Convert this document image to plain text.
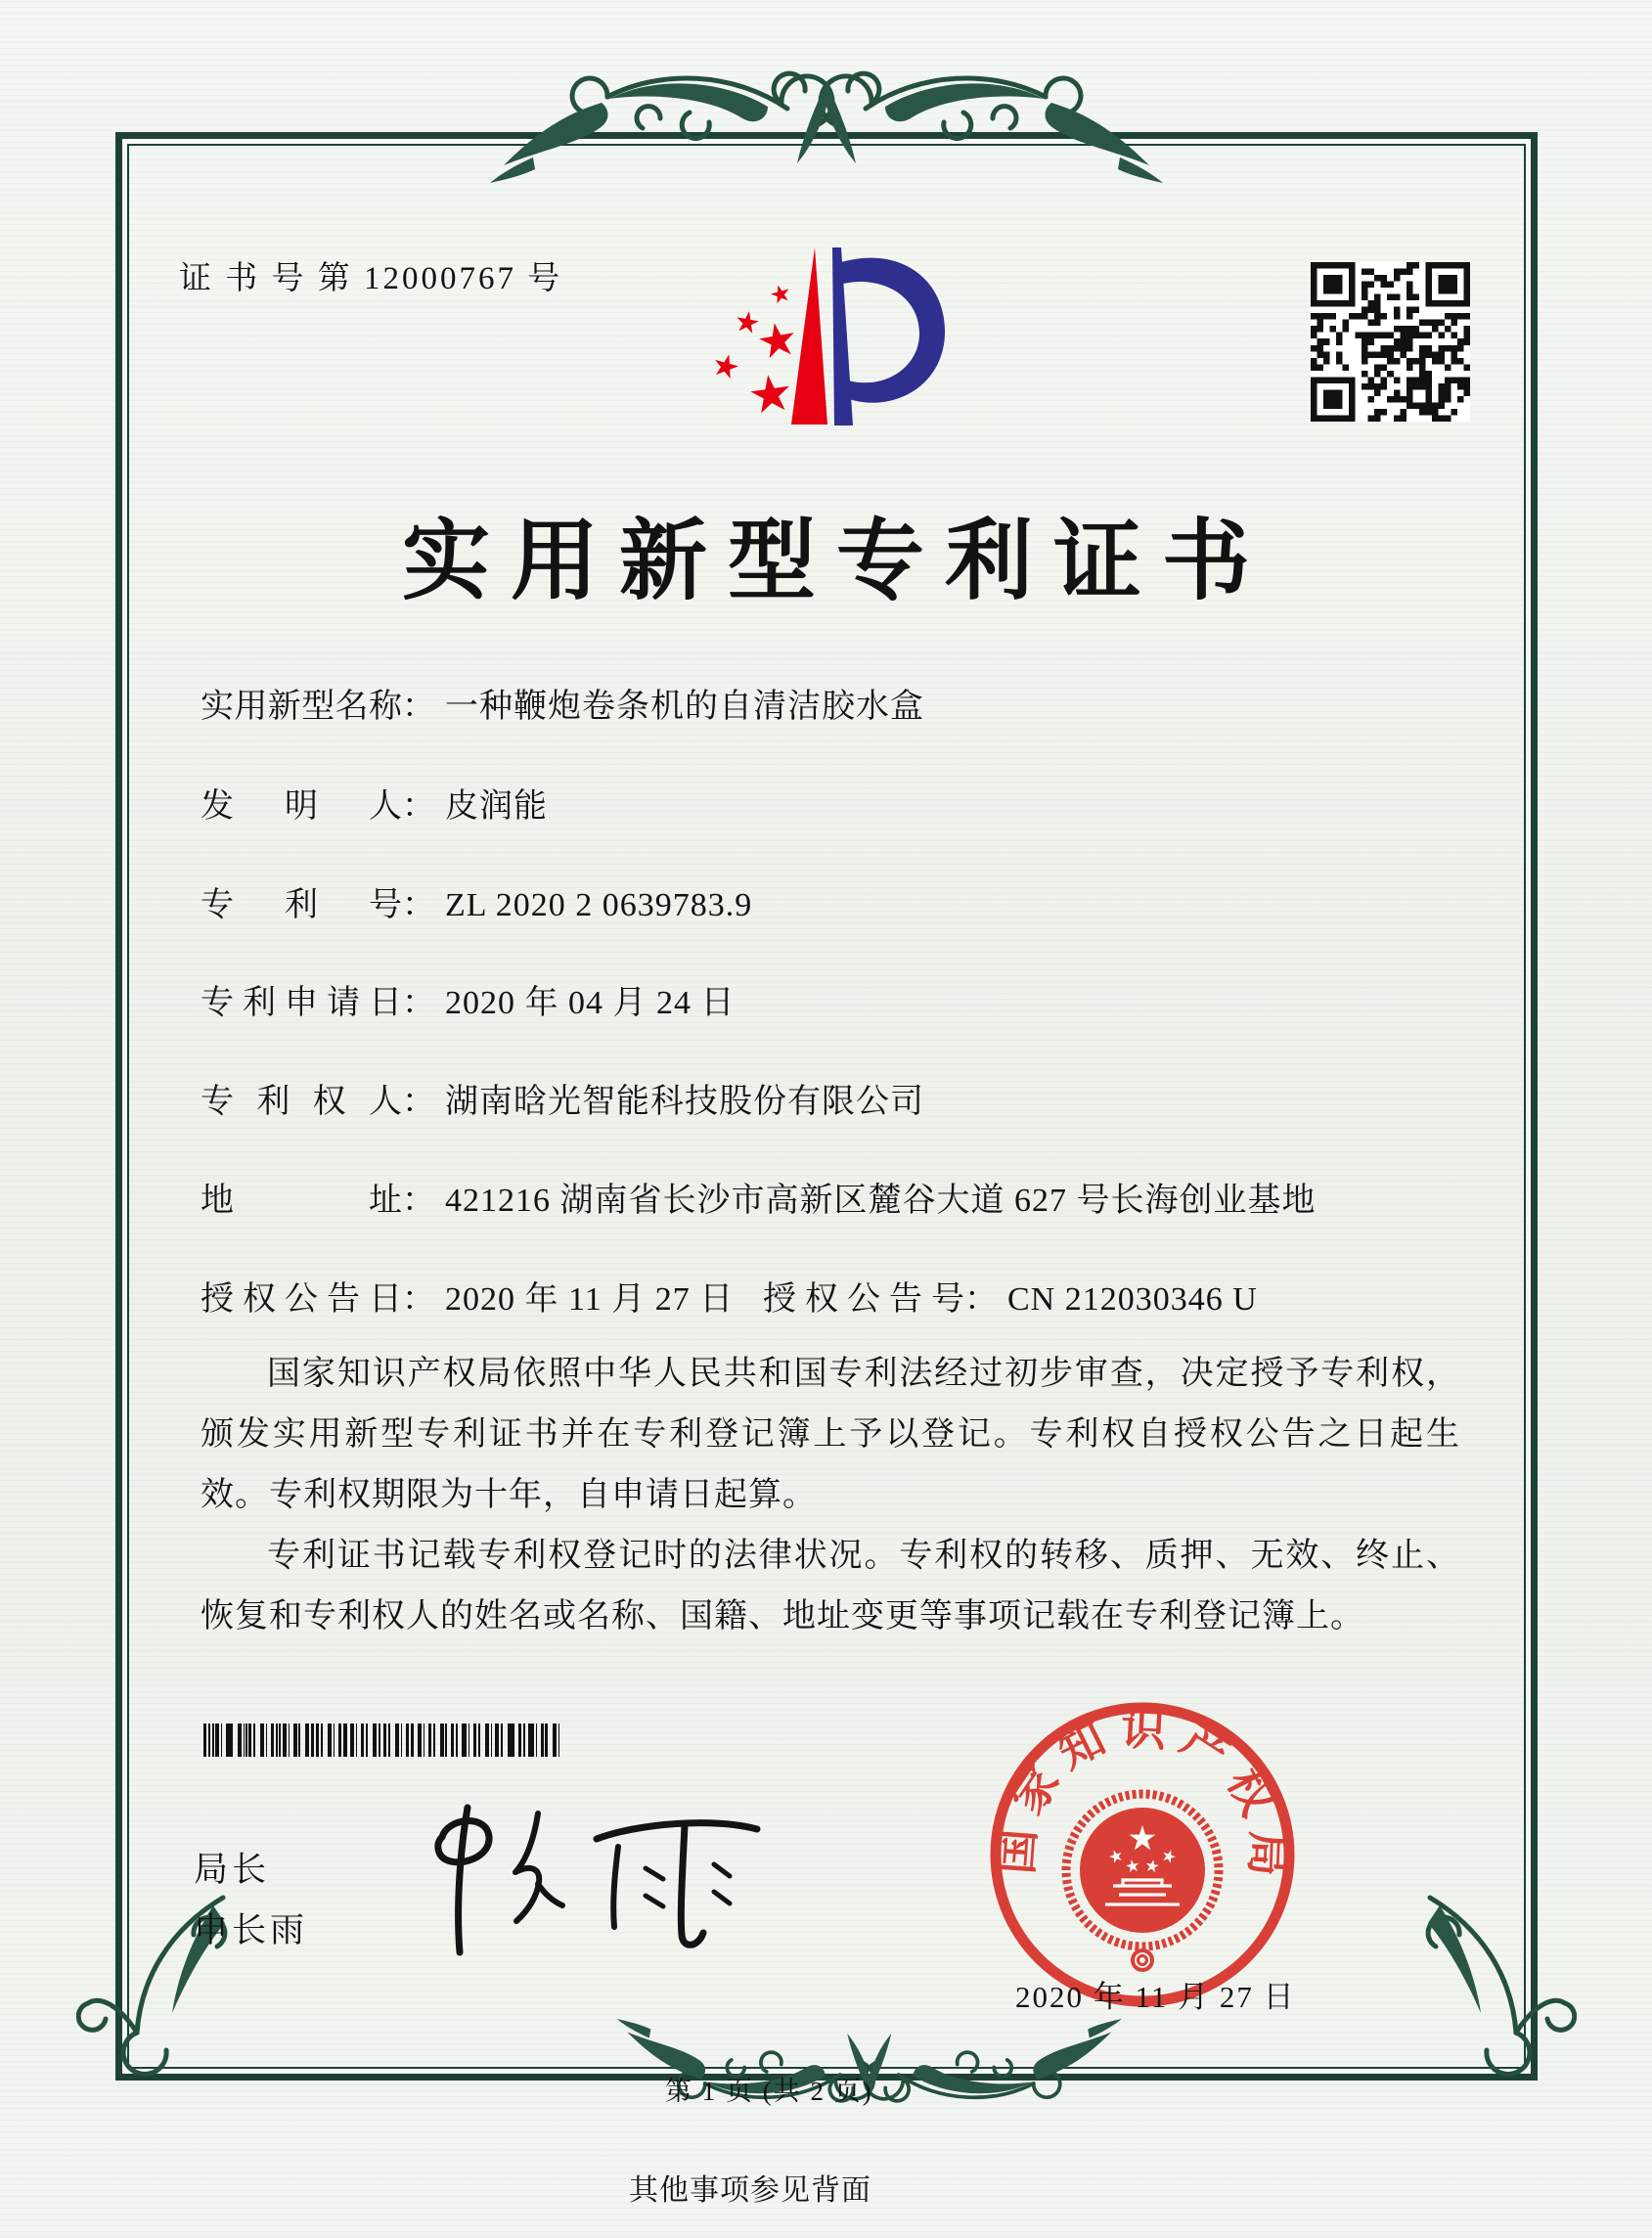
证 书 号 第 12000767 号
实用新型专利证书
实用新型名称： 一种鞭炮卷条机的自清洁胶水盒
发明人： 皮润能
专利号： ZL 2020 2 0639783.9
专利申请日： 2020 年 04 月 24 日
专利权人： 湖南晗光智能科技股份有限公司
地址： 421216 湖南省长沙市高新区麓谷大道 627 号长海创业基地
授权公告日： 2020 年 11 月 27 日 授权公告号： CN 212030346 U

国家知识产权局依照中华人民共和国专利法经过初步审查，决定授予专利权，颁发实用新型专利证书并在专利登记簿上予以登记。专利权自授权公告之日起生效。专利权期限为十年，自申请日起算。

专利证书记载专利权登记时的法律状况。专利权的转移、质押、无效、终止、恢复和专利权人的姓名或名称、国籍、地址变更等事项记载在专利登记簿上。

局长
申长雨
国家知识产权局
2020 年 11 月 27 日
第 1 页 (共 2 页)
其他事项参见背面
